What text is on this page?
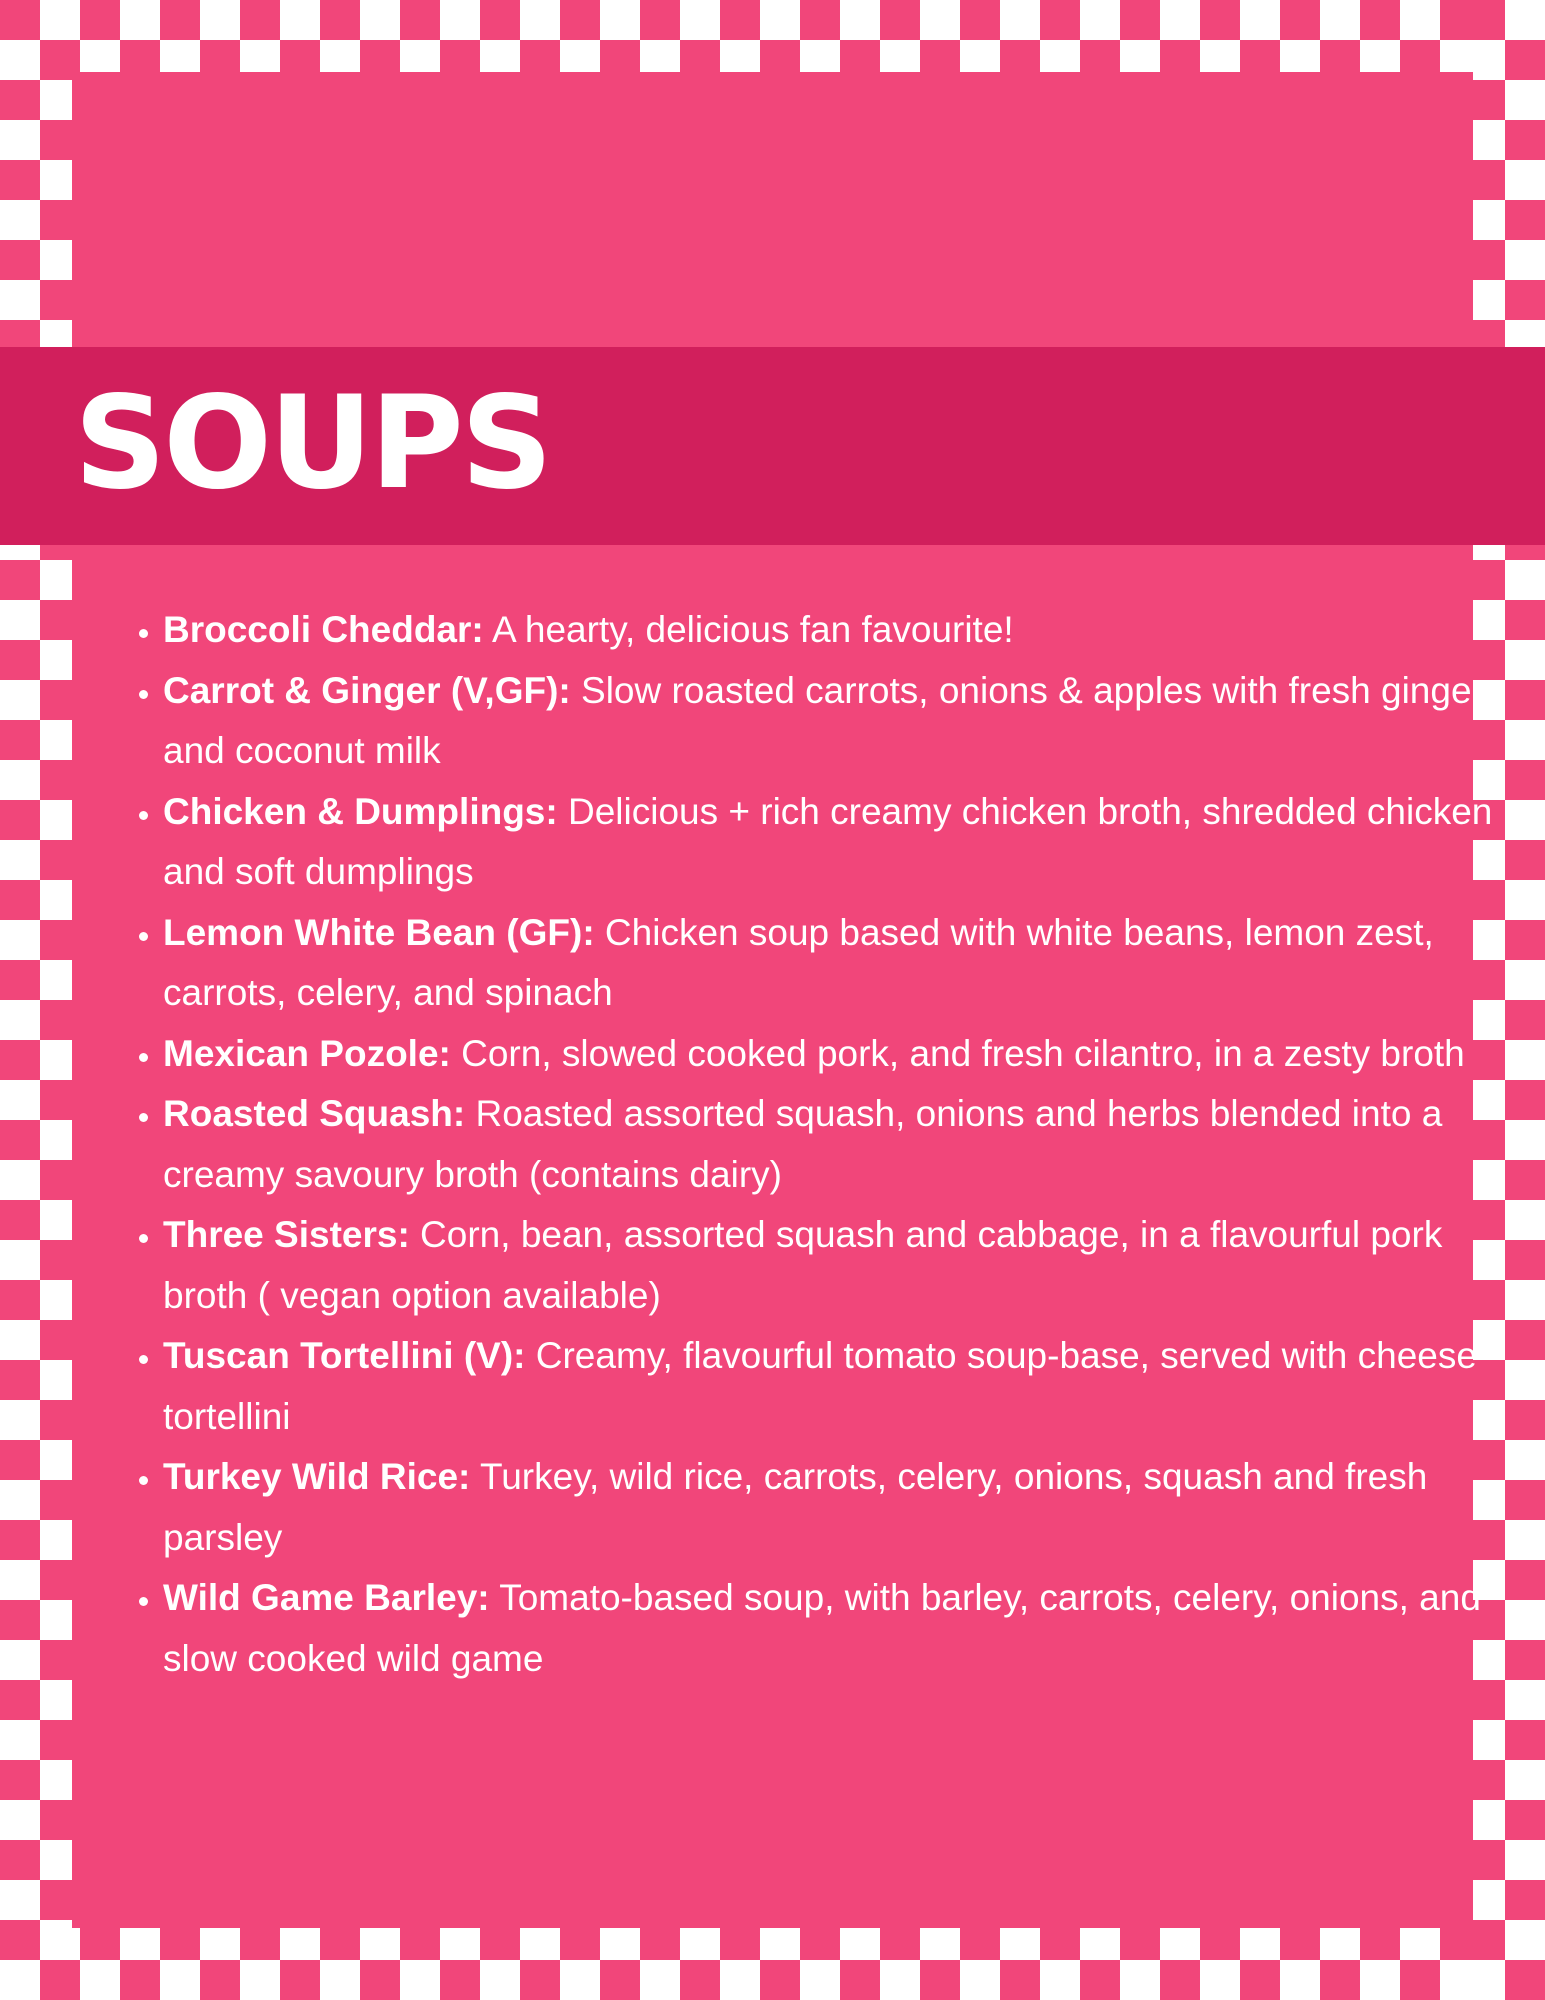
SOUPS
• Broccoli Cheddar: A hearty, delicious fan favourite!
• Carrot & Ginger (V,GF): Slow roasted carrots, onions & apples with fresh ginger and coconut milk
• Chicken & Dumplings: Delicious + rich creamy chicken broth, shredded chicken and soft dumplings
• Lemon White Bean (GF): Chicken soup based with white beans, lemon zest, carrots, celery, and spinach
• Mexican Pozole: Corn, slowed cooked pork, and fresh cilantro, in a zesty broth
• Roasted Squash: Roasted assorted squash, onions and herbs blended into a creamy savoury broth (contains dairy)
• Three Sisters: Corn, bean, assorted squash and cabbage, in a flavourful pork broth ( vegan option available)
• Tuscan Tortellini (V): Creamy, flavourful tomato soup-base, served with cheese tortellini
• Turkey Wild Rice: Turkey, wild rice, carrots, celery, onions, squash and fresh parsley
• Wild Game Barley: Tomato-based soup, with barley, carrots, celery, onions, and slow cooked wild game
